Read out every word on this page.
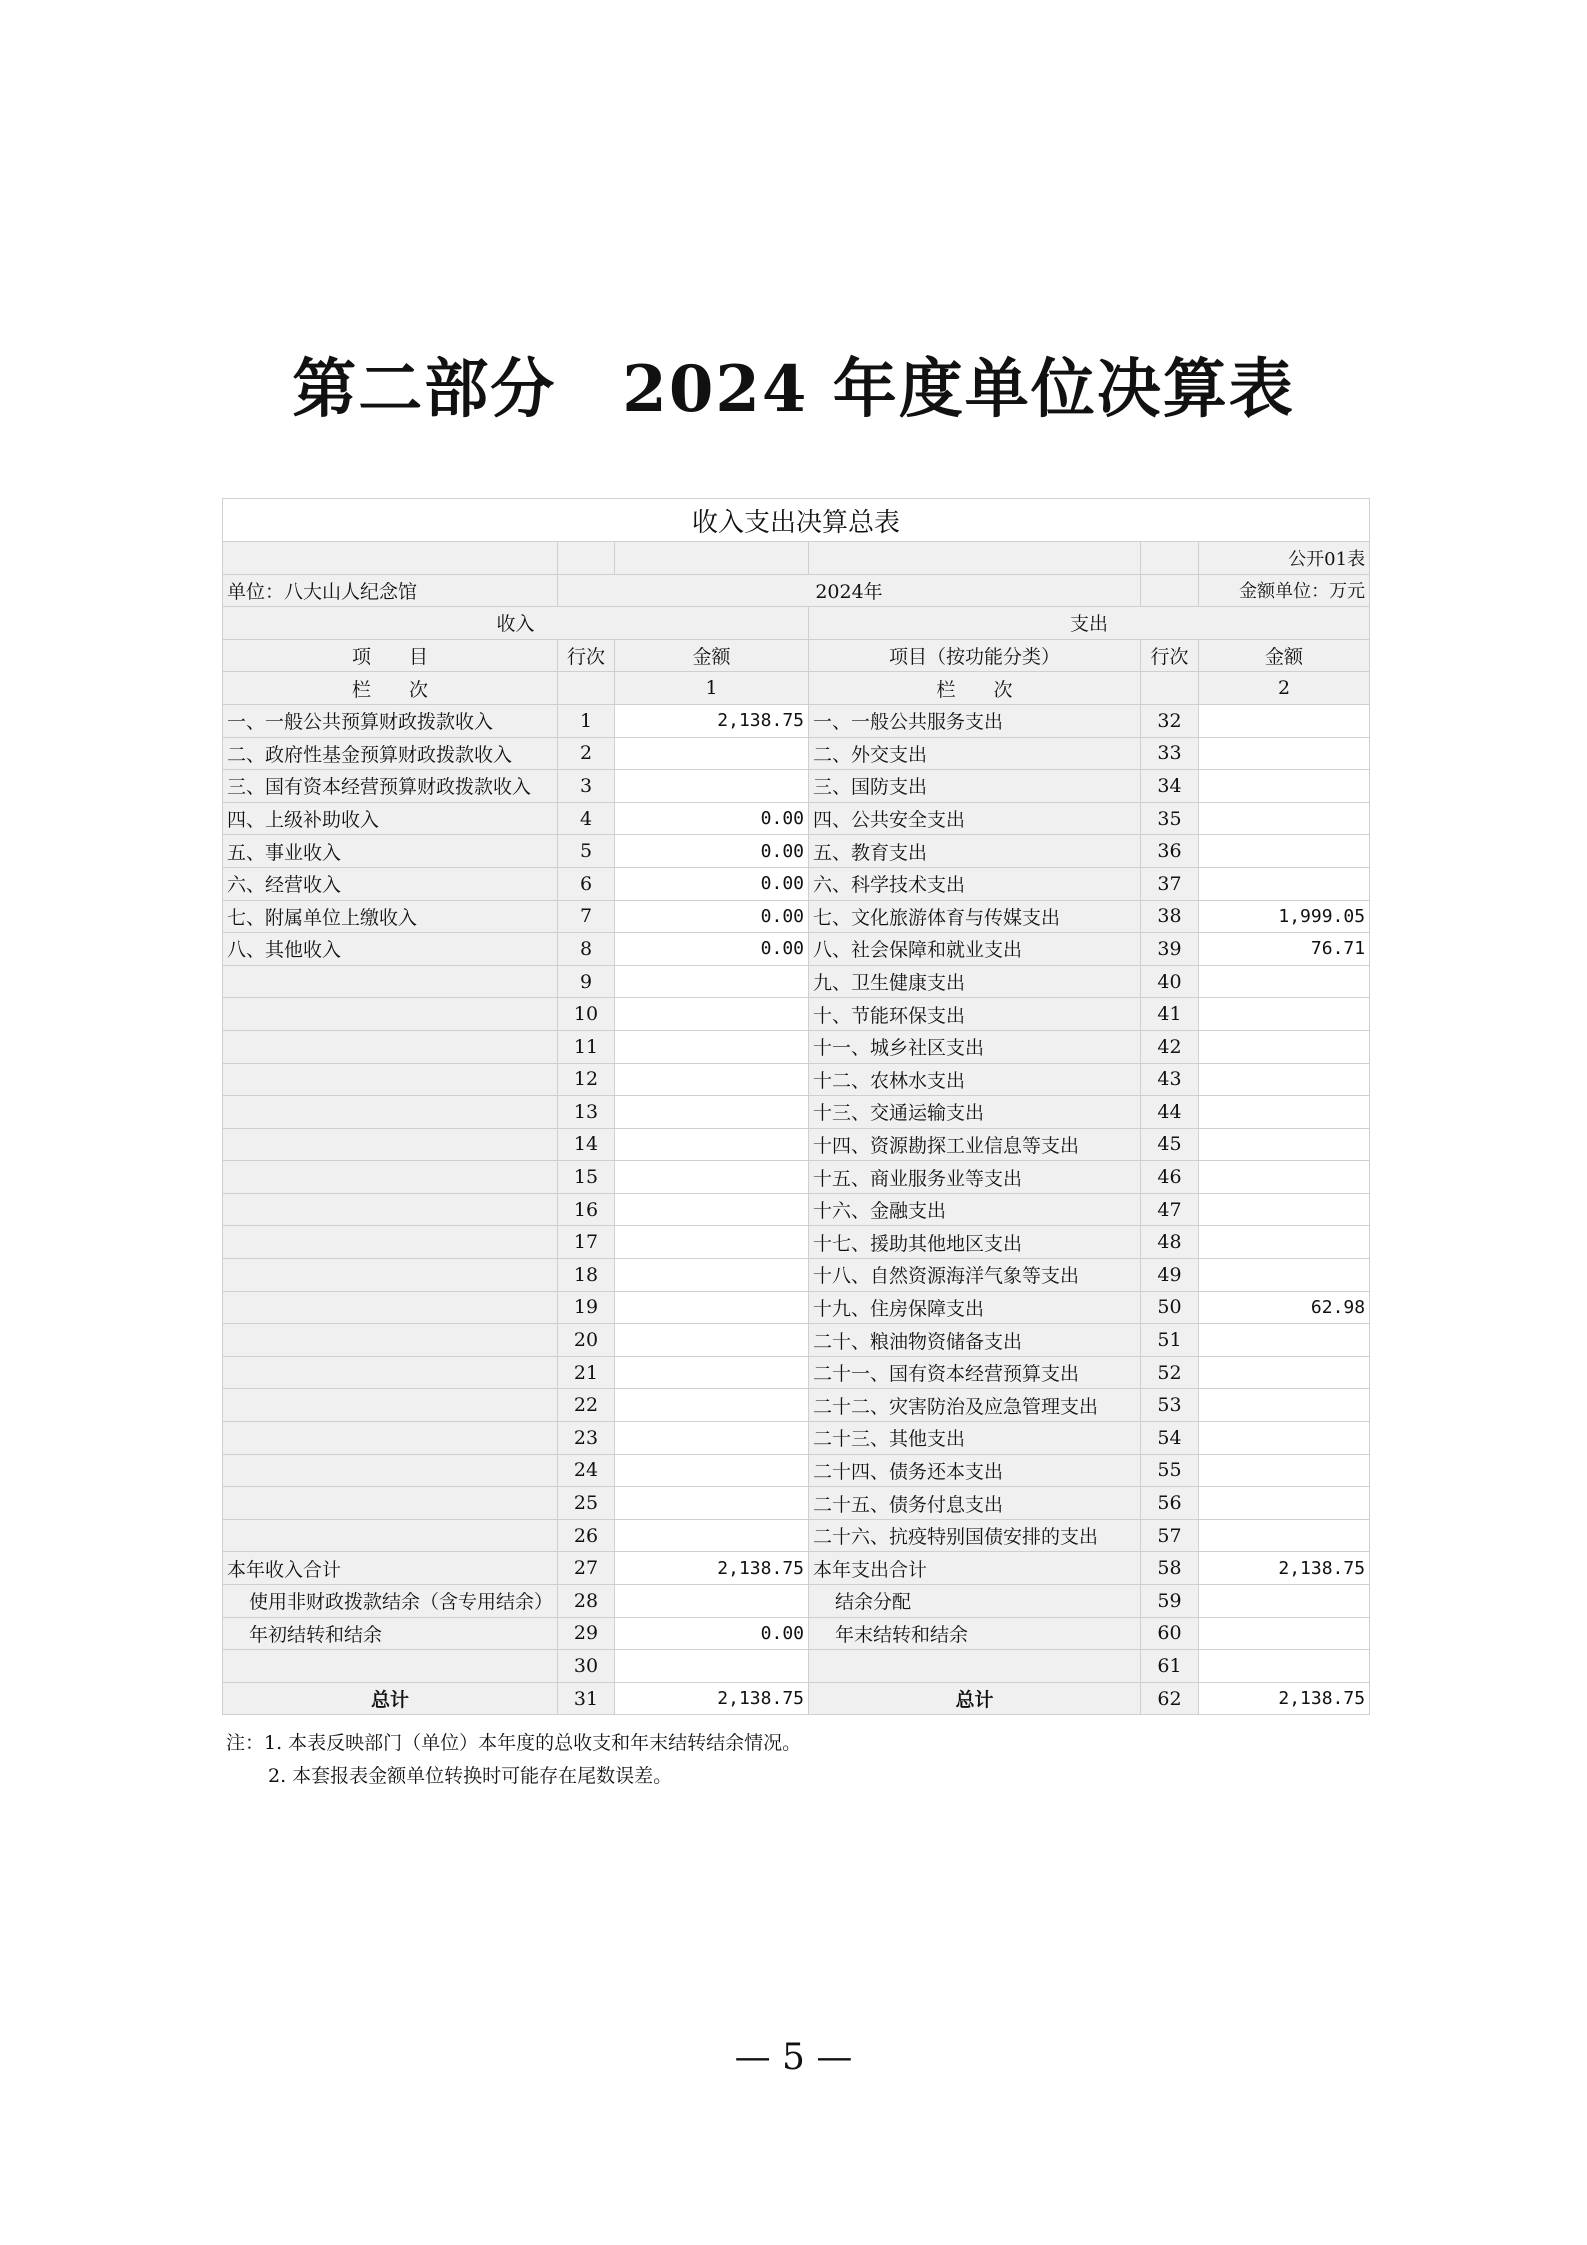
第二部分　2024 年度单位决算表
收入支出决算总表					
					公开01表
单位：八大山人纪念馆	2024年				金额单位：万元
收入			支出		
项　　目	行次	金额	项目（按功能分类）	行次	金额
栏　　次		1	栏　　次		2
一、一般公共预算财政拨款收入	1	2,138.75	一、一般公共服务支出	32	
二、政府性基金预算财政拨款收入	2		二、外交支出	33	
三、国有资本经营预算财政拨款收入	3		三、国防支出	34	
四、上级补助收入	4	0.00	四、公共安全支出	35	
五、事业收入	5	0.00	五、教育支出	36	
六、经营收入	6	0.00	六、科学技术支出	37	
七、附属单位上缴收入	7	0.00	七、文化旅游体育与传媒支出	38	1,999.05
八、其他收入	8	0.00	八、社会保障和就业支出	39	76.71
	9		九、卫生健康支出	40	
	10		十、节能环保支出	41	
	11		十一、城乡社区支出	42	
	12		十二、农林水支出	43	
	13		十三、交通运输支出	44	
	14		十四、资源勘探工业信息等支出	45	
	15		十五、商业服务业等支出	46	
	16		十六、金融支出	47	
	17		十七、援助其他地区支出	48	
	18		十八、自然资源海洋气象等支出	49	
	19		十九、住房保障支出	50	62.98
	20		二十、粮油物资储备支出	51	
	21		二十一、国有资本经营预算支出	52	
	22		二十二、灾害防治及应急管理支出	53	
	23		二十三、其他支出	54	
	24		二十四、债务还本支出	55	
	25		二十五、债务付息支出	56	
	26		二十六、抗疫特别国债安排的支出	57	
本年收入合计	27	2,138.75	本年支出合计	58	2,138.75
使用非财政拨款结余（含专用结余）	28		结余分配	59	
年初结转和结余	29	0.00	年末结转和结余	60	
	30			61	
总计	31	2,138.75	总计	62	2,138.75
注：1. 本表反映部门（单位）本年度的总收支和年末结转结余情况。
2. 本套报表金额单位转换时可能存在尾数误差。
— 5 —
